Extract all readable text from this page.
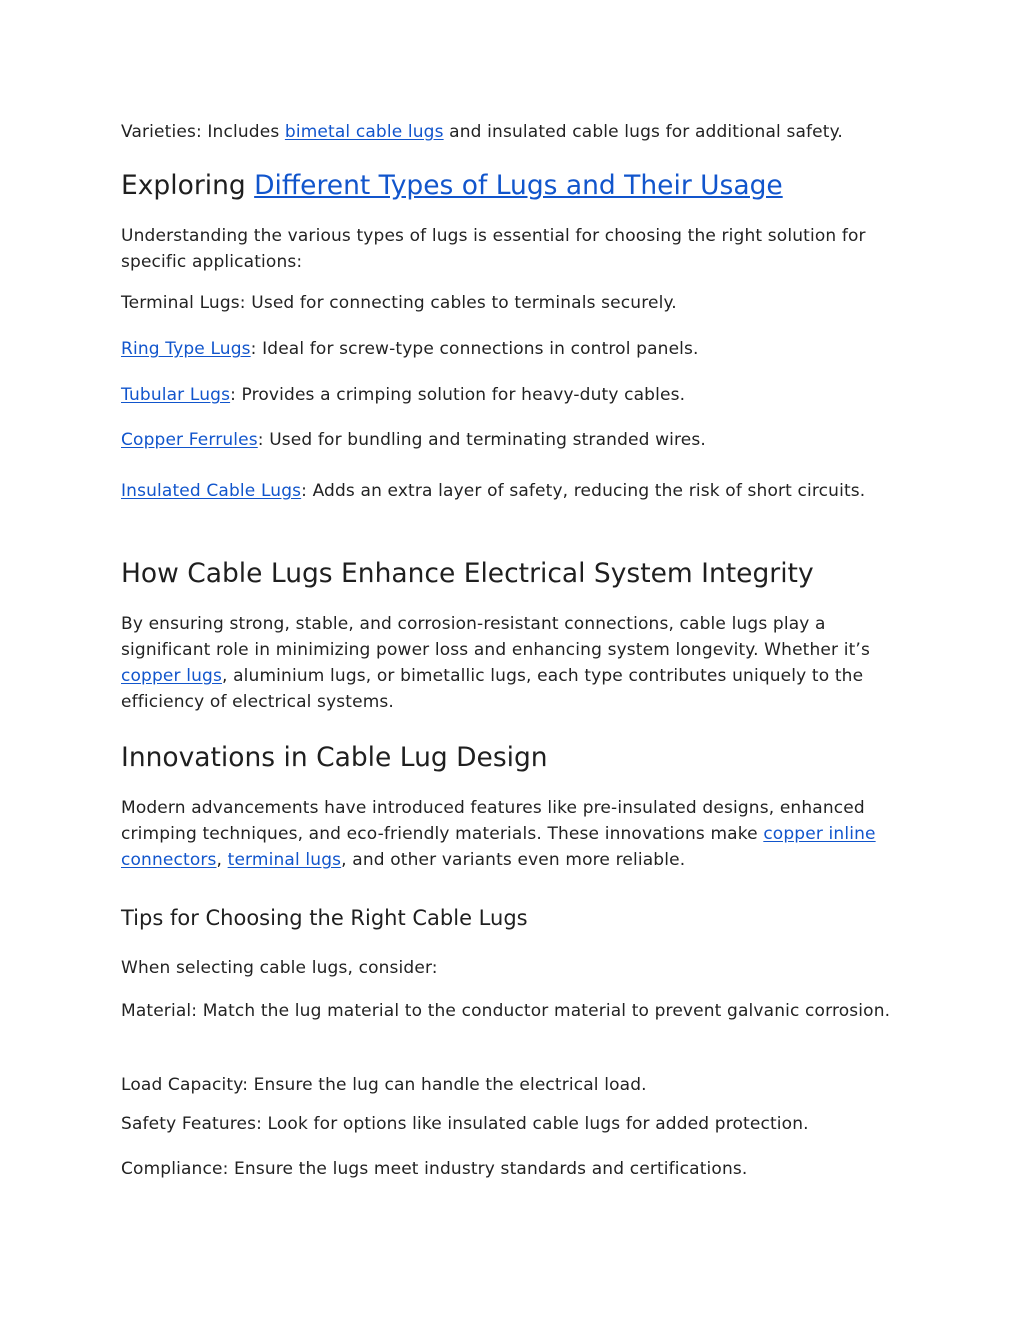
Varieties: Includes bimetal cable lugs and insulated cable lugs for additional safety.

Exploring Different Types of Lugs and Their Usage

Understanding the various types of lugs is essential for choosing the right solution for specific applications:

Terminal Lugs: Used for connecting cables to terminals securely.

Ring Type Lugs: Ideal for screw-type connections in control panels.

Tubular Lugs: Provides a crimping solution for heavy-duty cables.

Copper Ferrules: Used for bundling and terminating stranded wires.

Insulated Cable Lugs: Adds an extra layer of safety, reducing the risk of short circuits.

How Cable Lugs Enhance Electrical System Integrity

By ensuring strong, stable, and corrosion-resistant connections, cable lugs play a significant role in minimizing power loss and enhancing system longevity. Whether it’s copper lugs, aluminium lugs, or bimetallic lugs, each type contributes uniquely to the efficiency of electrical systems.

Innovations in Cable Lug Design

Modern advancements have introduced features like pre-insulated designs, enhanced crimping techniques, and eco-friendly materials. These innovations make copper inline connectors, terminal lugs, and other variants even more reliable.

Tips for Choosing the Right Cable Lugs

When selecting cable lugs, consider:

Material: Match the lug material to the conductor material to prevent galvanic corrosion.

Load Capacity: Ensure the lug can handle the electrical load.

Safety Features: Look for options like insulated cable lugs for added protection.

Compliance: Ensure the lugs meet industry standards and certifications.
